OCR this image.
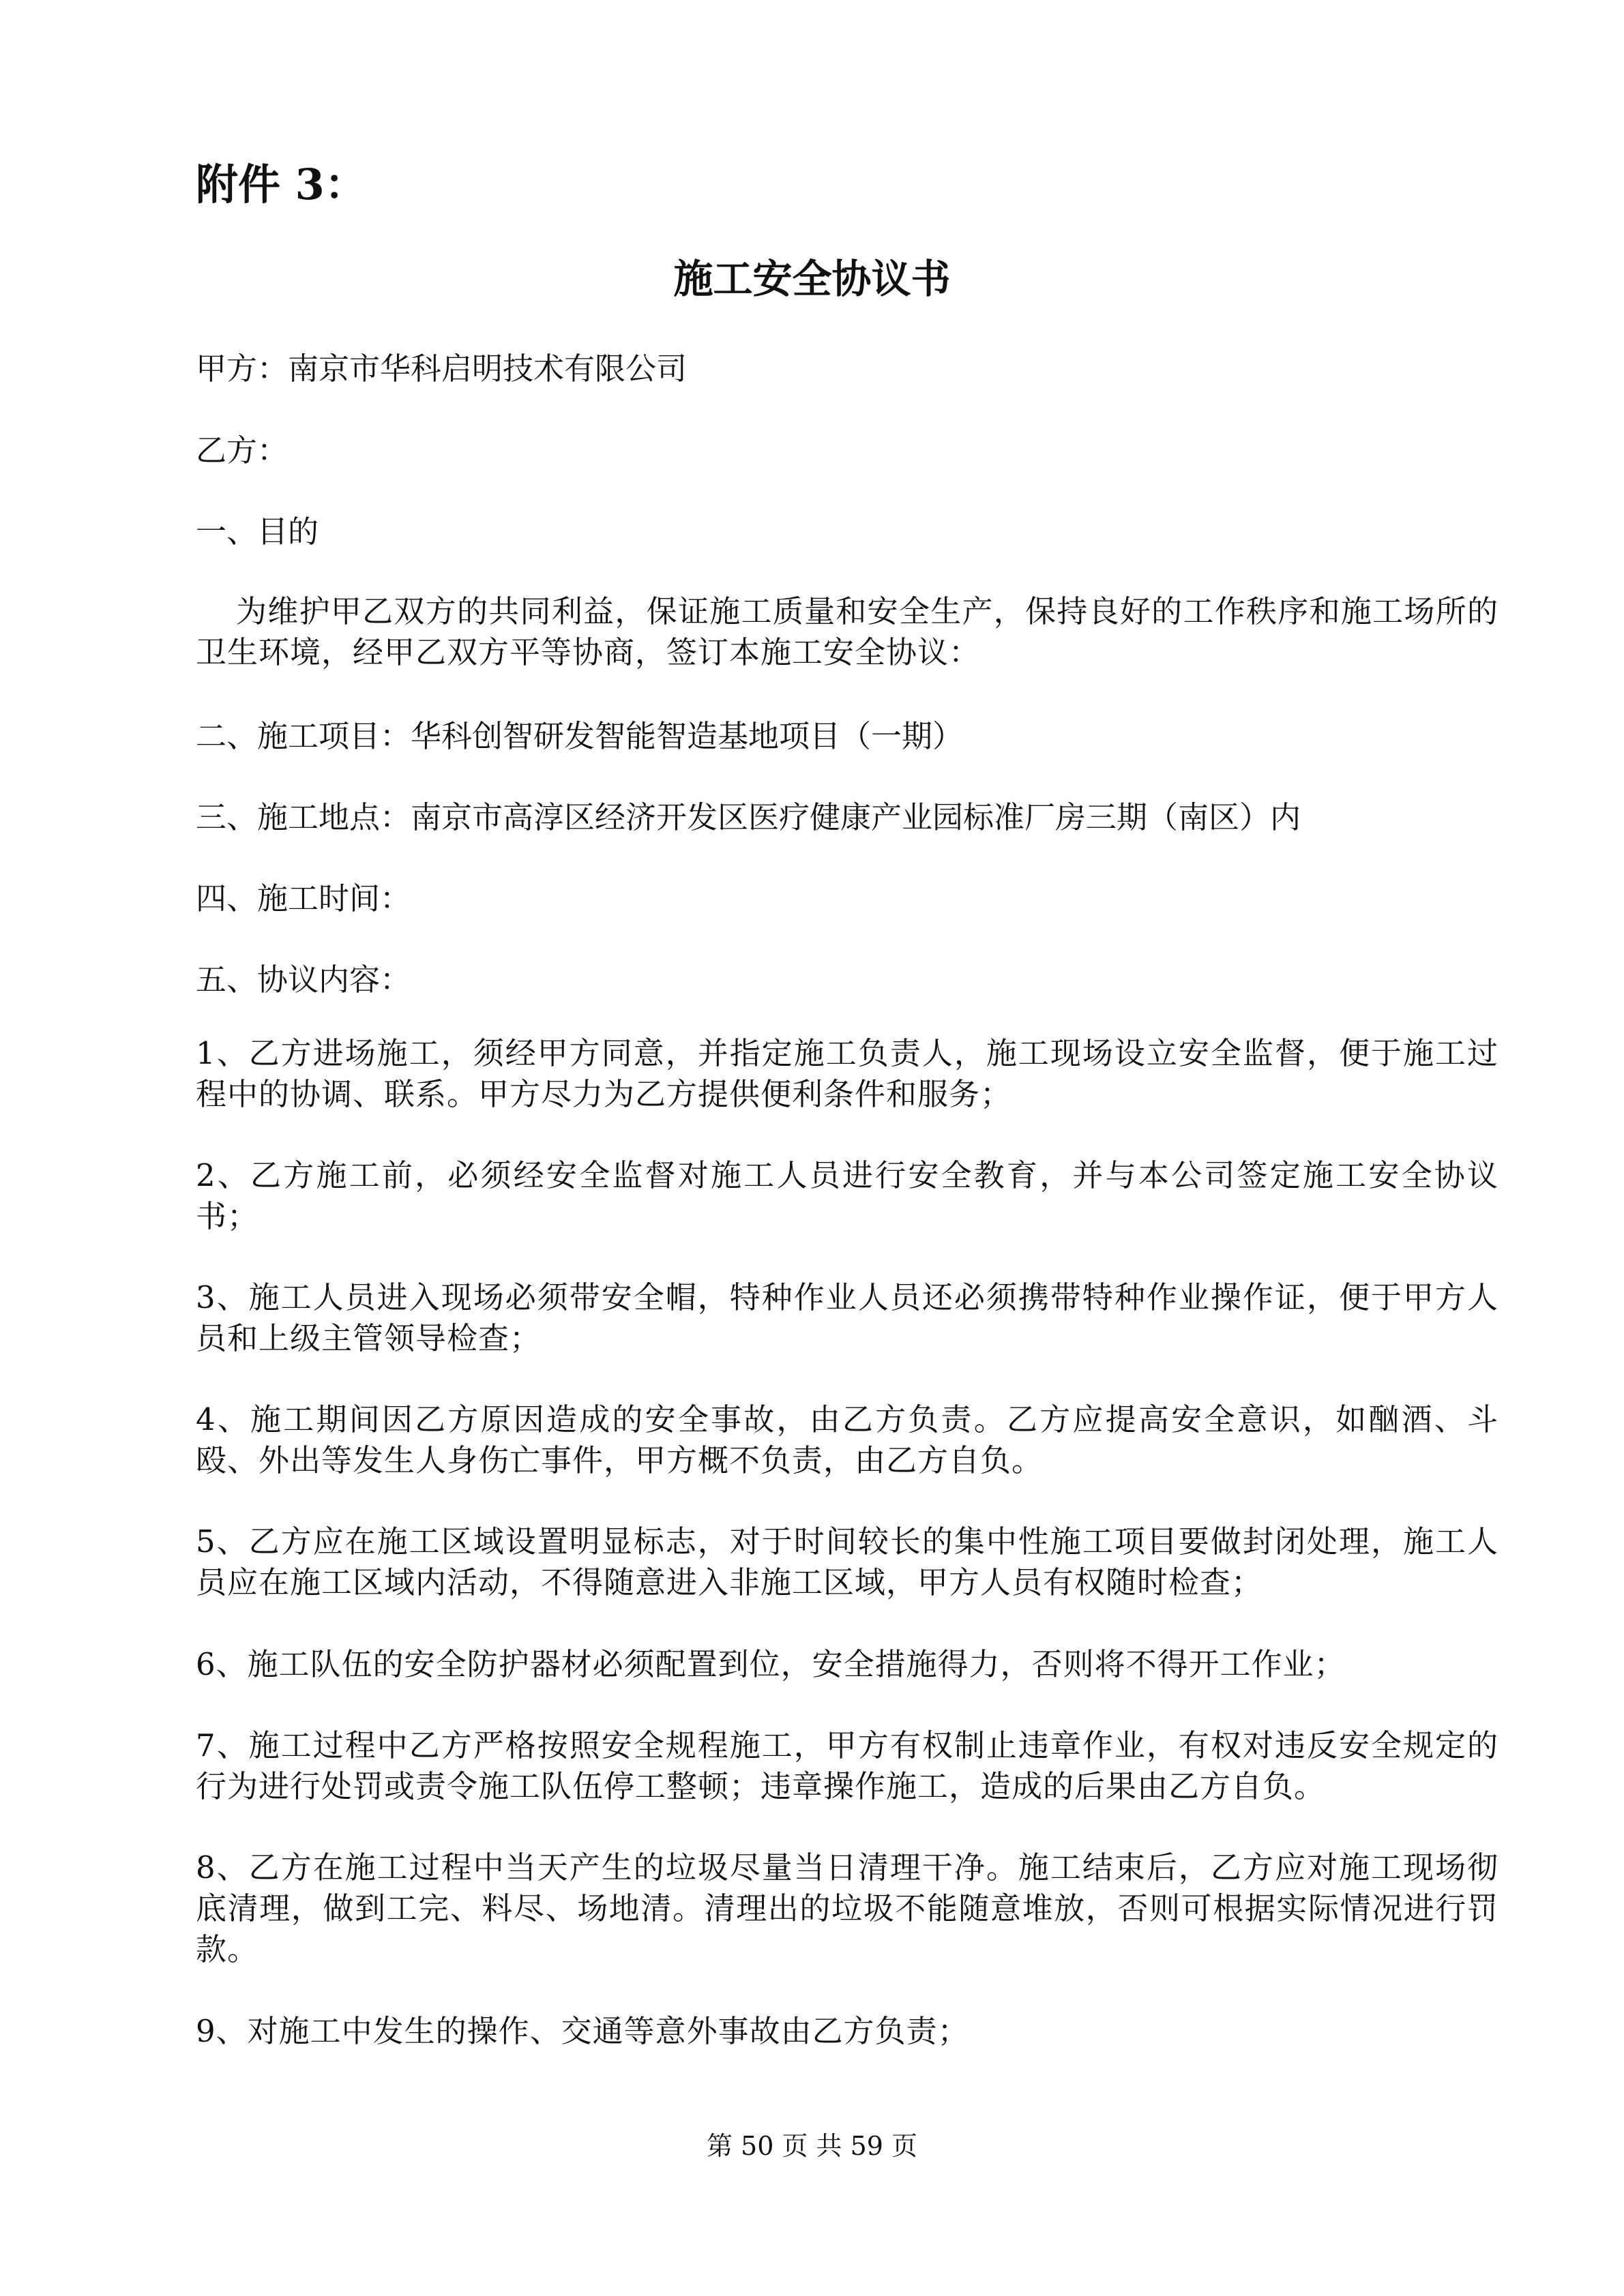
附件 3：
施工安全协议书
甲方：南京市华科启明技术有限公司
乙方：
一、目的
为维护甲乙双方的共同利益，保证施工质量和安全生产，保持良好的工作秩序和施工场所的卫生环境，经甲乙双方平等协商，签订本施工安全协议：
二、施工项目：华科创智研发智能智造基地项目（一期）
三、施工地点：南京市高淳区经济开发区医疗健康产业园标准厂房三期（南区）内
四、施工时间：
五、协议内容：
1、乙方进场施工，须经甲方同意，并指定施工负责人，施工现场设立安全监督，便于施工过程中的协调、联系。甲方尽力为乙方提供便利条件和服务；
2、乙方施工前，必须经安全监督对施工人员进行安全教育，并与本公司签定施工安全协议书；
3、施工人员进入现场必须带安全帽，特种作业人员还必须携带特种作业操作证，便于甲方人员和上级主管领导检查；
4、施工期间因乙方原因造成的安全事故，由乙方负责。乙方应提高安全意识，如酗酒、斗殴、外出等发生人身伤亡事件，甲方概不负责，由乙方自负。
5、乙方应在施工区域设置明显标志，对于时间较长的集中性施工项目要做封闭处理，施工人员应在施工区域内活动，不得随意进入非施工区域，甲方人员有权随时检查；
6、施工队伍的安全防护器材必须配置到位，安全措施得力，否则将不得开工作业；
7、施工过程中乙方严格按照安全规程施工，甲方有权制止违章作业，有权对违反安全规定的行为进行处罚或责令施工队伍停工整顿；违章操作施工，造成的后果由乙方自负。
8、乙方在施工过程中当天产生的垃圾尽量当日清理干净。施工结束后，乙方应对施工现场彻底清理，做到工完、料尽、场地清。清理出的垃圾不能随意堆放，否则可根据实际情况进行罚款。
9、对施工中发生的操作、交通等意外事故由乙方负责；
第 50 页 共 59 页
